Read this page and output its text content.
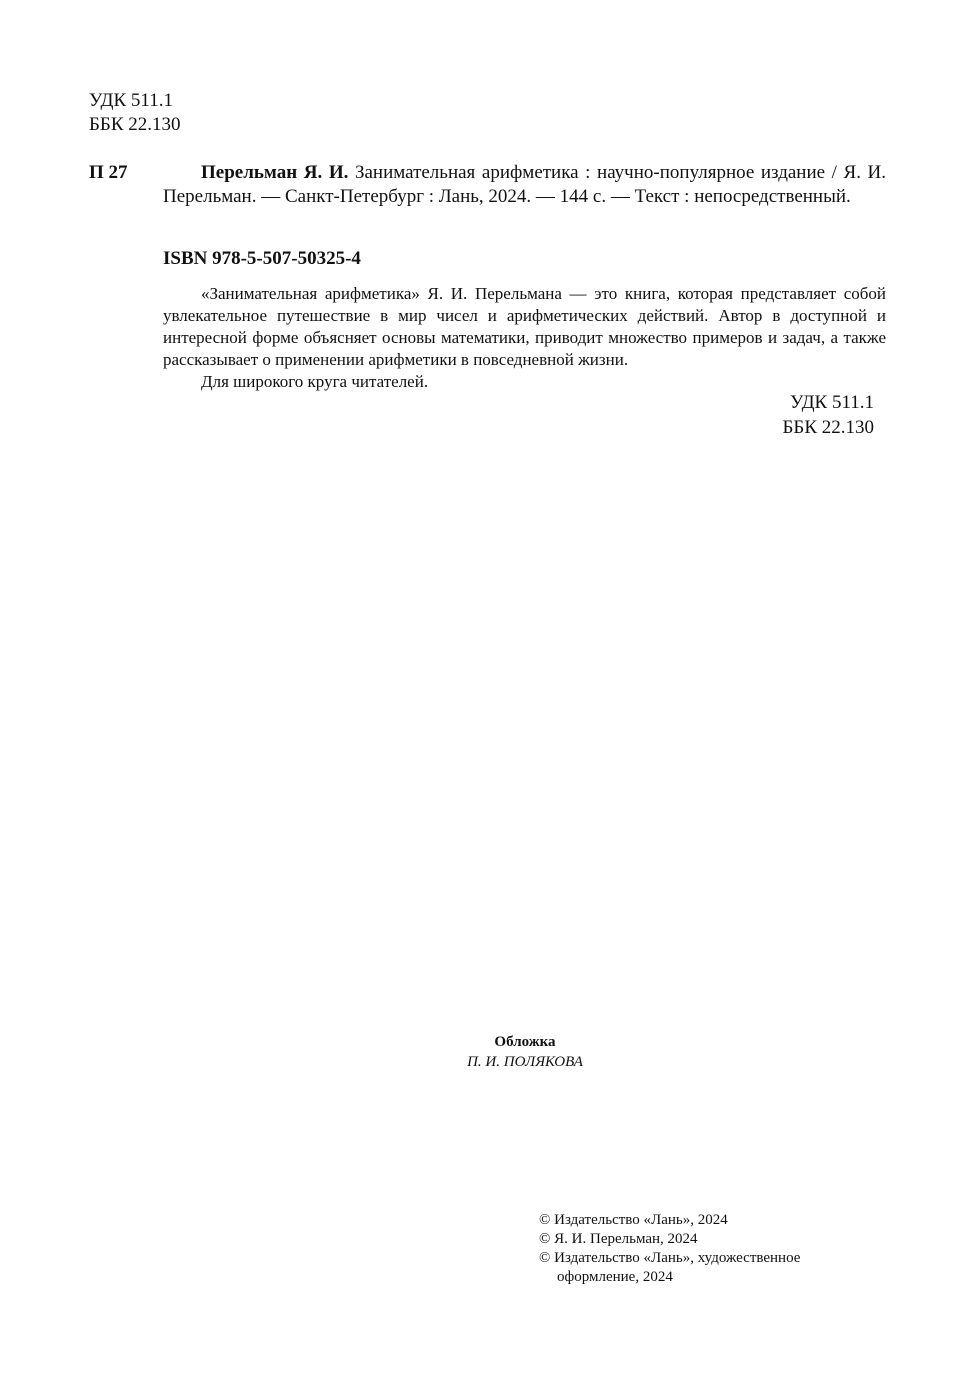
УДК 511.1
ББК 22.130
П 27	Перельман Я. И. Занимательная арифметика : научно-популярное издание / Я. И. Перельман. — Санкт-Петербург : Лань, 2024. — 144 с. — Текст : непосредственный.
ISBN 978-5-507-50325-4

«Занимательная арифметика» Я. И. Перельмана — это книга, которая представляет собой увлекательное путешествие в мир чисел и арифметических действий. Автор в доступной и интересной форме объясняет основы математики, приводит множество примеров и задач, а также рассказывает о применении арифметики в повседневной жизни.

Для широкого круга читателей.

УДК 511.1
ББК 22.130
Обложка
П. И. ПОЛЯКОВА
© Издательство «Лань», 2024
© Я. И. Перельман, 2024
© Издательство «Лань», художественное
оформление, 2024
